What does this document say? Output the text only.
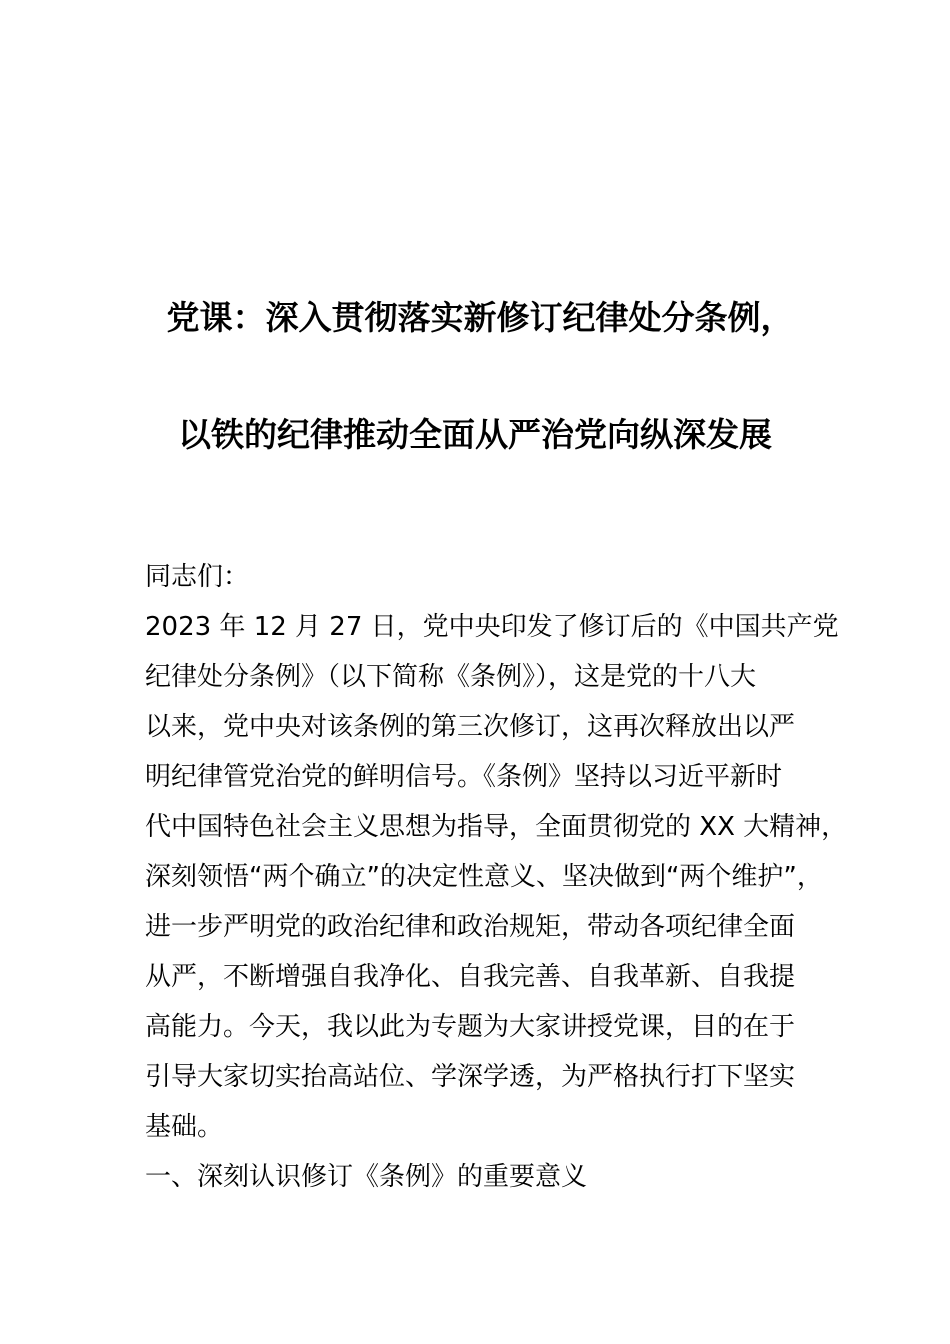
党课：深入贯彻落实新修订纪律处分条例，
以铁的纪律推动全面从严治党向纵深发展

同志们：

2023 年 12 月 27 日，党中央印发了修订后的《中国共产党
纪律处分条例》（以下简称《条例》），这是党的十八大
以来，党中央对该条例的第三次修订，这再次释放出以严
明纪律管党治党的鲜明信号。《条例》坚持以习近平新时
代中国特色社会主义思想为指导，全面贯彻党的 XX 大精神，
深刻领悟“两个确立”的决定性意义、坚决做到“两个维护”，
进一步严明党的政治纪律和政治规矩，带动各项纪律全面
从严，不断增强自我净化、自我完善、自我革新、自我提
高能力。今天，我以此为专题为大家讲授党课，目的在于
引导大家切实抬高站位、学深学透，为严格执行打下坚实
基础。

一、深刻认识修订《条例》的重要意义
